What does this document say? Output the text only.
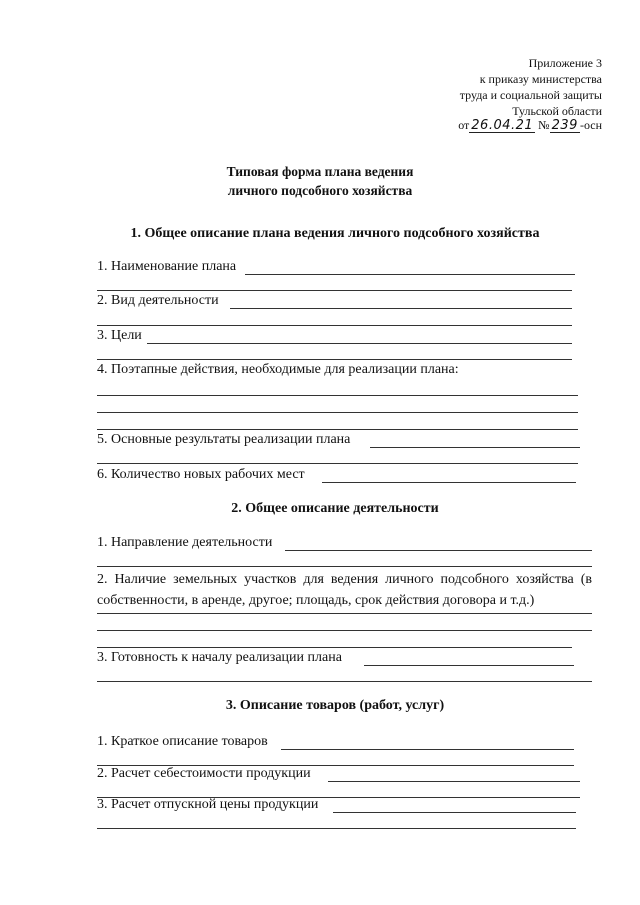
Приложение 3
к приказу министерства
труда и социальной защиты
Тульской области
от 26.04.21 № 239 -осн
Типовая форма плана ведения
личного подсобного хозяйства
1. Общее описание плана ведения личного подсобного хозяйства
1. Наименование плана
2. Вид деятельности
3. Цели
4. Поэтапные действия, необходимые для реализации плана:
5. Основные результаты реализации плана
6. Количество новых рабочих мест
2. Общее описание деятельности
1. Направление деятельности
2. Наличие земельных участков для ведения личного подсобного хозяйства (в собственности, в аренде, другое; площадь, срок действия договора и т.д.)
3. Готовность к началу реализации плана
3. Описание товаров (работ, услуг)
1. Краткое описание товаров
2. Расчет себестоимости продукции
3. Расчет отпускной цены продукции
